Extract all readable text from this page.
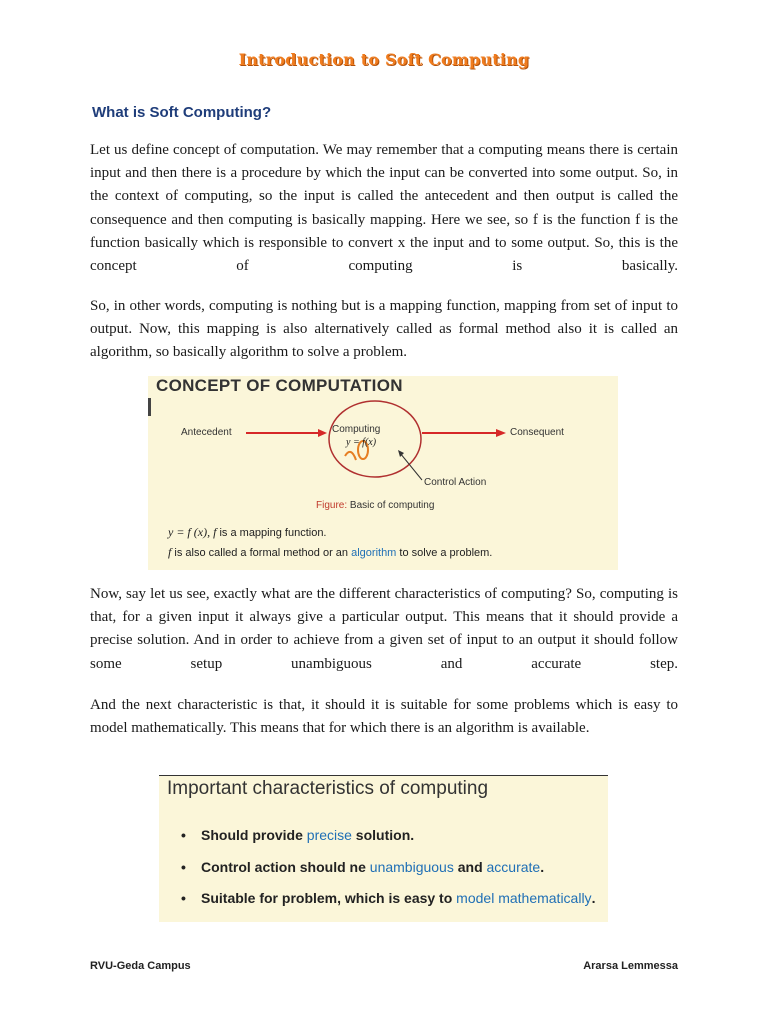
Introduction to Soft Computing
What is Soft Computing?

Let us define concept of computation. We may remember that a computing means there is certain input and then there is a procedure by which the input can be converted into some output. So, in the context of computing, so the input is called the antecedent and then output is called the consequence and then computing is basically mapping. Here we see, so f is the function f is the function basically which is responsible to convert x the input and to some output. So, this is the concept of computing is basically.

So, in other words, computing is nothing but is a mapping function, mapping from set of input to output. Now, this mapping is also alternatively called as formal method also it is called an algorithm, so basically algorithm to solve a problem.

CONCEPT OF COMPUTATION
Antecedent	Computing
y = f(x)
Consequent
Control Action
Figure: Basic of computing
y = f (x), f is a mapping function.
f is also called a formal method or an algorithm to solve a problem.

Now, say let us see, exactly what are the different characteristics of computing? So, computing is that, for a given input it always give a particular output. This means that it should provide a precise solution. And in order to achieve from a given set of input to an output it should follow some setup unambiguous and accurate step.

And the next characteristic is that, it should it is suitable for some problems which is easy to model mathematically. This means that for which there is an algorithm is available.

Important characteristics of computing
• Should provide precise solution.
• Control action should ne unambiguous and accurate.
• Suitable for problem, which is easy to model mathematically.
RVU-Geda Campus	Ararsa Lemmessa
